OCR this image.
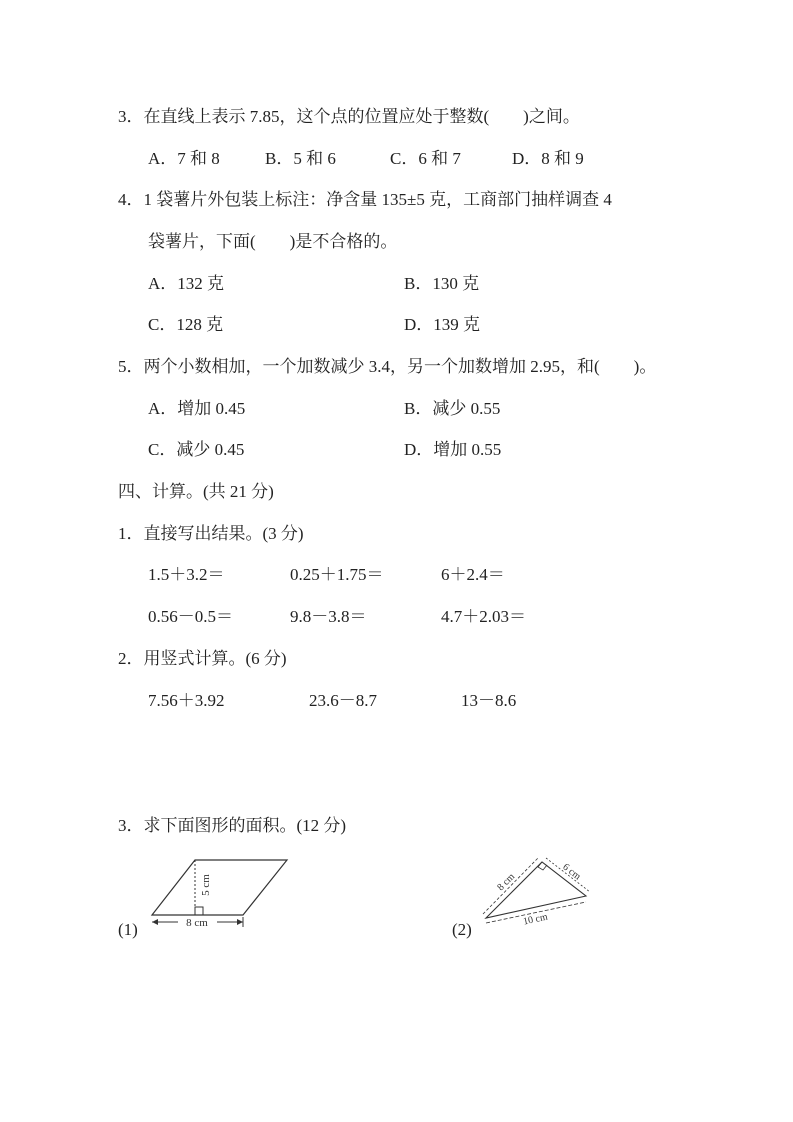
3．在直线上表示 7.85，这个点的位置应处于整数(　　)之间。
A．7 和 8	B．5 和 6	C．6 和 7	D．8 和 9
4．1 袋薯片外包装上标注：净含量 135±5 克，工商部门抽样调查 4
袋薯片，下面(　　)是不合格的。
A．132 克	B．130 克
C．128 克	D．139 克
5．两个小数相加，一个加数减少 3.4，另一个加数增加 2.95，和(　　)。
A．增加 0.45	B．减少 0.55
C．减少 0.45	D．增加 0.55
四、计算。(共 21 分)
1．直接写出结果。(3 分)
1.5＋3.2＝	0.25＋1.75＝	6＋2.4＝
0.56－0.5＝	9.8－3.8＝	4.7＋2.03＝
2．用竖式计算。(6 分)
7.56＋3.92	23.6－8.7	13－8.6
3．求下面图形的面积。(12 分)
(1)
5 cm
8 cm	(2)
8 cm	6 cm
10 cm
